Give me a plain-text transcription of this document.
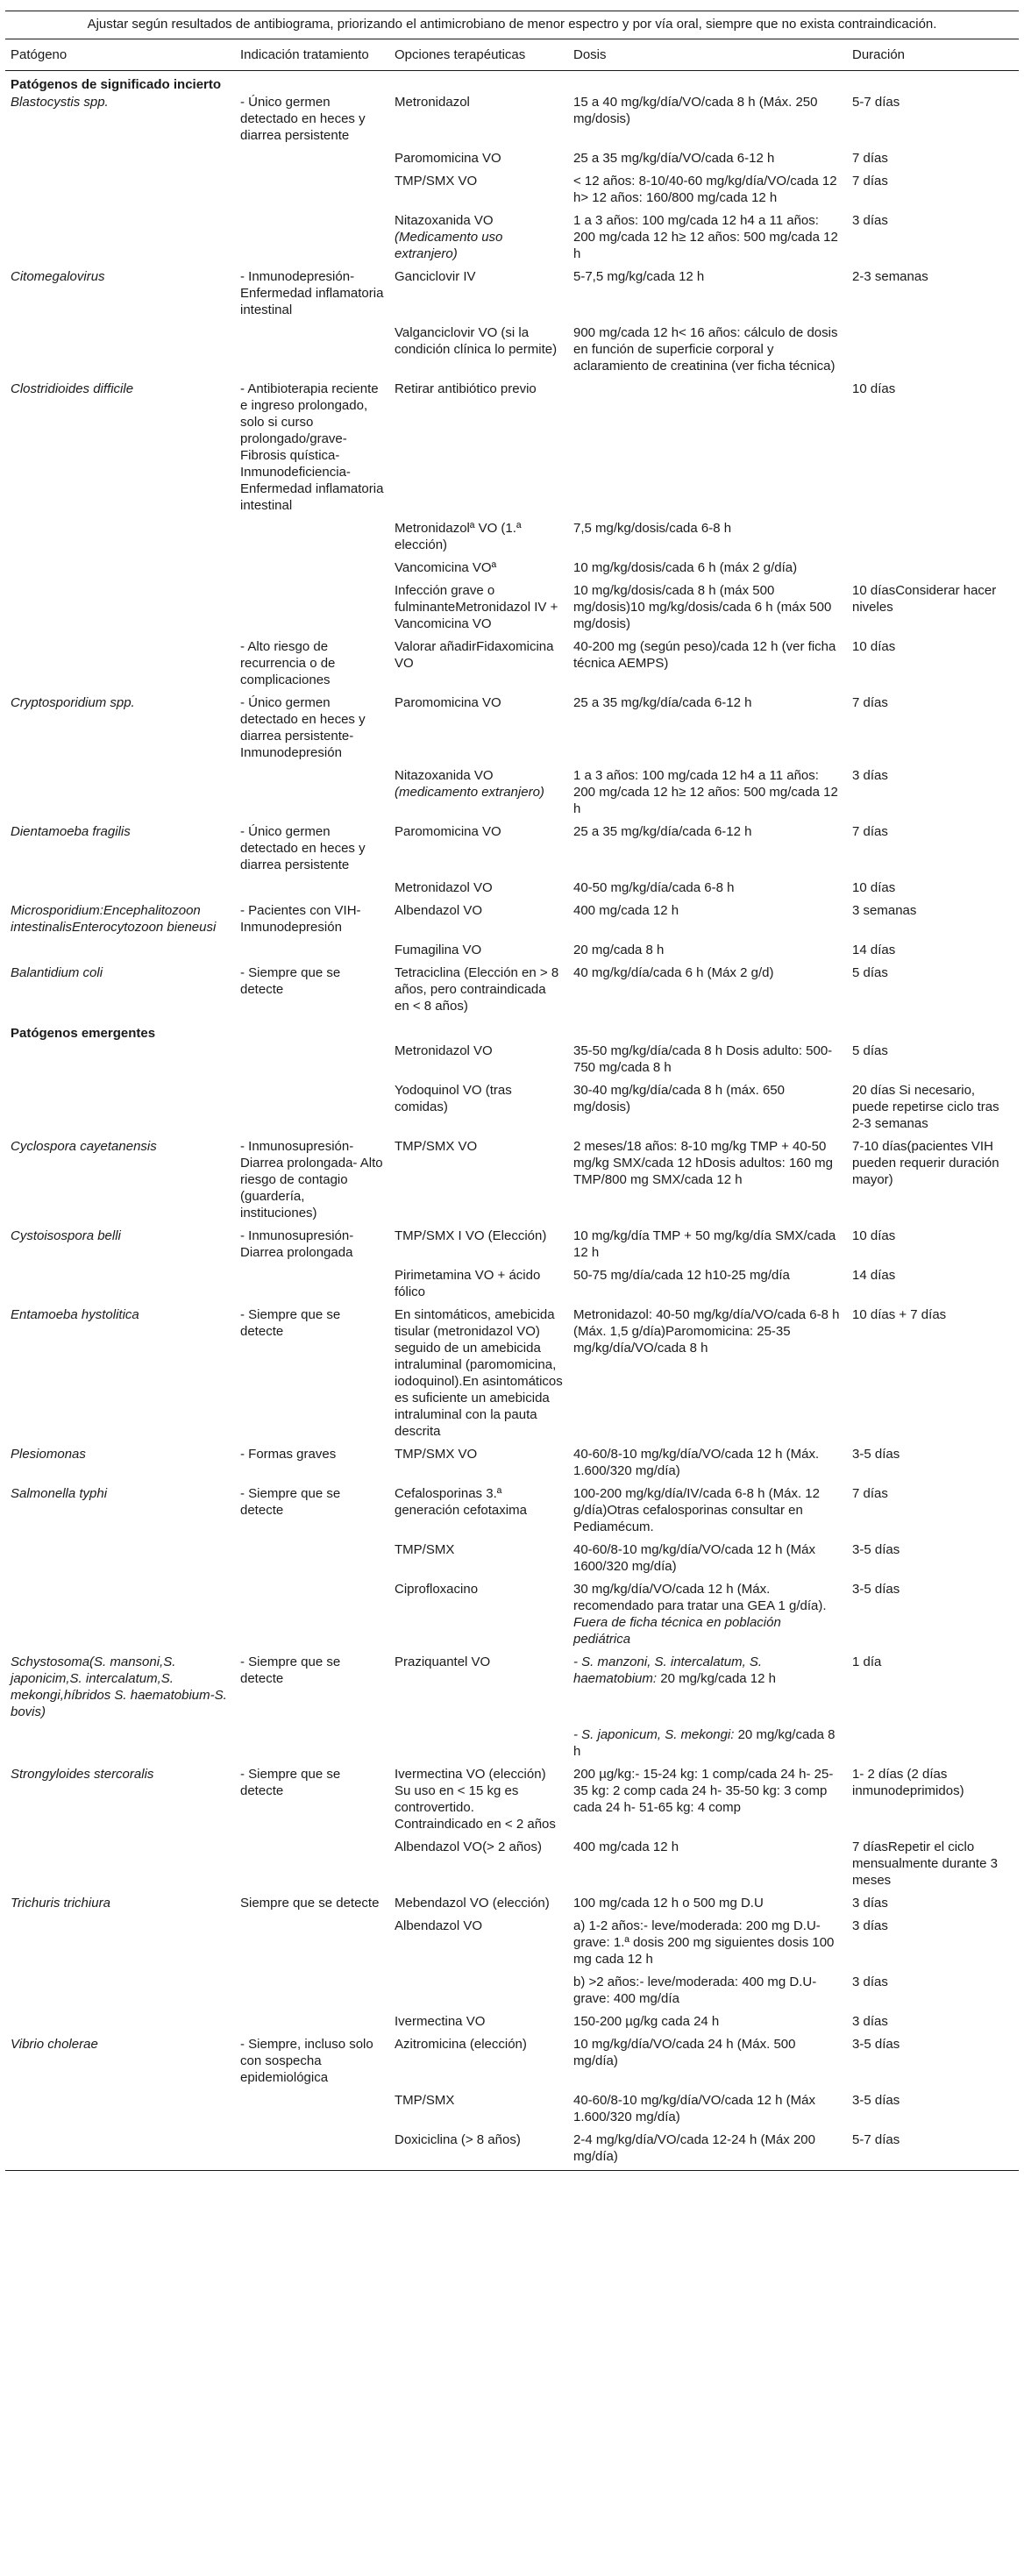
Ajustar según resultados de antibiograma, priorizando el antimicrobiano de menor espectro y por vía oral, siempre que no exista contraindicación.
Patógeno	Indicación tratamiento	Opciones terapéuticas	Dosis	Duración
Patógenos de significado incierto				
Blastocystis spp.	- Único germen detectado en heces y diarrea persistente	Metronidazol	15 a 40 mg/kg/día/VO/cada 8 h (Máx. 250 mg/dosis)	5-7 días
		Paromomicina VO	25 a 35 mg/kg/día/VO/cada 6-12 h	7 días
		TMP/SMX VO	< 12 años: 8-10/40-60 mg/kg/día/VO/cada 12 h> 12 años: 160/800 mg/cada 12 h	7 días
		Nitazoxanida VO (Medicamento uso extranjero)	1 a 3 años: 100 mg/cada 12 h4 a 11 años: 200 mg/cada 12 h≥ 12 años: 500 mg/cada 12 h	3 días
Citomegalovirus	- Inmunodepresión- Enfermedad inflamatoria intestinal	Ganciclovir IV	5-7,5 mg/kg/cada 12 h	2-3 semanas
		Valganciclovir VO (si la condición clínica lo permite)	900 mg/cada 12 h< 16 años: cálculo de dosis en función de superficie corporal y aclaramiento de creatinina (ver ficha técnica)	
Clostridioides difficile	- Antibioterapia reciente e ingreso prolongado, solo si curso prolongado/grave- Fibrosis quística- Inmunodeficiencia- Enfermedad inflamatoria intestinal	Retirar antibiótico previo		10 días
		Metronidazolª VO (1.ª elección)	7,5 mg/kg/dosis/cada 6-8 h	
		Vancomicina VOª	10 mg/kg/dosis/cada 6 h (máx 2 g/día)	
		Infección grave o fulminanteMetronidazol IV + Vancomicina VO	10 mg/kg/dosis/cada 8 h (máx 500 mg/dosis)10 mg/kg/dosis/cada 6 h (máx 500 mg/dosis)	10 díasConsiderar hacer niveles
	- Alto riesgo de recurrencia o de complicaciones	Valorar añadirFidaxomicina VO	40-200 mg (según peso)/cada 12 h (ver ficha técnica AEMPS)	10 días
Cryptosporidium spp.	- Único germen detectado en heces y diarrea persistente- Inmunodepresión	Paromomicina VO	25 a 35 mg/kg/día/cada 6-12 h	7 días
		Nitazoxanida VO (medicamento extranjero)	1 a 3 años: 100 mg/cada 12 h4 a 11 años: 200 mg/cada 12 h≥ 12 años: 500 mg/cada 12 h	3 días
Dientamoeba fragilis	- Único germen detectado en heces y diarrea persistente	Paromomicina VO	25 a 35 mg/kg/día/cada 6-12 h	7 días
		Metronidazol VO	40-50 mg/kg/día/cada 6-8 h	10 días
Microsporidium:Encephalitozoon intestinalisEnterocytozoon bieneusi	- Pacientes con VIH- Inmunodepresión	Albendazol VO	400 mg/cada 12 h	3 semanas
		Fumagilina VO	20 mg/cada 8 h	14 días
Balantidium coli	- Siempre que se detecte	Tetraciclina (Elección en > 8 años, pero contraindicada en < 8 años)	40 mg/kg/día/cada 6 h (Máx 2 g/d)	5 días
Patógenos emergentes				
		Metronidazol VO	35-50 mg/kg/día/cada 8 h Dosis adulto: 500-750 mg/cada 8 h	5 días
		Yodoquinol VO (tras comidas)	30-40 mg/kg/día/cada 8 h (máx. 650 mg/dosis)	20 días Si necesario, puede repetirse ciclo tras 2-3 semanas
Cyclospora cayetanensis	- Inmunosupresión- Diarrea prolongada- Alto riesgo de contagio (guardería, instituciones)	TMP/SMX VO	2 meses/18 años: 8-10 mg/kg TMP + 40-50 mg/kg SMX/cada 12 hDosis adultos: 160 mg TMP/800 mg SMX/cada 12 h	7-10 días(pacientes VIH pueden requerir duración mayor)
Cystoisospora belli	- Inmunosupresión- Diarrea prolongada	TMP/SMX I VO (Elección)	10 mg/kg/día TMP + 50 mg/kg/día SMX/cada 12 h	10 días
		Pirimetamina VO + ácido fólico	50-75 mg/día/cada 12 h10-25 mg/día	14 días
Entamoeba hystolitica	- Siempre que se detecte	En sintomáticos, amebicida tisular (metronidazol VO) seguido de un amebicida intraluminal (paromomicina, iodoquinol).En asintomáticos es suficiente un amebicida intraluminal con la pauta descrita	Metronidazol: 40-50 mg/kg/día/VO/cada 6-8 h (Máx. 1,5 g/día)Paromomicina: 25-35 mg/kg/día/VO/cada 8 h	10 días + 7 días
Plesiomonas	- Formas graves	TMP/SMX VO	40-60/8-10 mg/kg/día/VO/cada 12 h (Máx. 1.600/320 mg/día)	3-5 días
Salmonella typhi	- Siempre que se detecte	Cefalosporinas 3.ª generación cefotaxima	100-200 mg/kg/día/IV/cada 6-8 h (Máx. 12 g/día)Otras cefalosporinas consultar en Pediamécum.	7 días
		TMP/SMX	40-60/8-10 mg/kg/día/VO/cada 12 h (Máx 1600/320 mg/día)	3-5 días
		Ciprofloxacino	30 mg/kg/día/VO/cada 12 h (Máx. recomendado para tratar una GEA 1 g/día). Fuera de ficha técnica en población pediátrica	3-5 días
Schystosoma(S. mansoni,S. japonicim,S. intercalatum,S. mekongi,híbridos S. haematobium-S. bovis)	- Siempre que se detecte	Praziquantel VO	- S. manzoni, S. intercalatum, S. haematobium: 20 mg/kg/cada 12 h	1 día
			- S. japonicum, S. mekongi: 20 mg/kg/cada 8 h	
Strongyloides stercoralis	- Siempre que se detecte	Ivermectina VO (elección) Su uso en < 15 kg es controvertido. Contraindicado en < 2 años	200 µg/kg:- 15-24 kg: 1 comp/cada 24 h- 25-35 kg: 2 comp cada 24 h- 35-50 kg: 3 comp cada 24 h- 51-65 kg: 4 comp	1- 2 días (2 días inmunodeprimidos)
		Albendazol VO(> 2 años)	400 mg/cada 12 h	7 díasRepetir el ciclo mensualmente durante 3 meses
Trichuris trichiura	Siempre que se detecte	Mebendazol VO (elección)	100 mg/cada 12 h o 500 mg D.U	3 días
		Albendazol VO	a) 1-2 años:- leve/moderada: 200 mg D.U- grave: 1.ª dosis 200 mg siguientes dosis 100 mg cada 12 h	3 días
			b) >2 años:- leve/moderada: 400 mg D.U- grave: 400 mg/día	3 días
		Ivermectina VO	150-200 µg/kg cada 24 h	3 días
Vibrio cholerae	- Siempre, incluso solo con sospecha epidemiológica	Azitromicina (elección)	10 mg/kg/día/VO/cada 24 h (Máx. 500 mg/día)	3-5 días
		TMP/SMX	40-60/8-10 mg/kg/día/VO/cada 12 h (Máx 1.600/320 mg/día)	3-5 días
		Doxiciclina (> 8 años)	2-4 mg/kg/día/VO/cada 12-24 h (Máx 200 mg/día)	5-7 días
